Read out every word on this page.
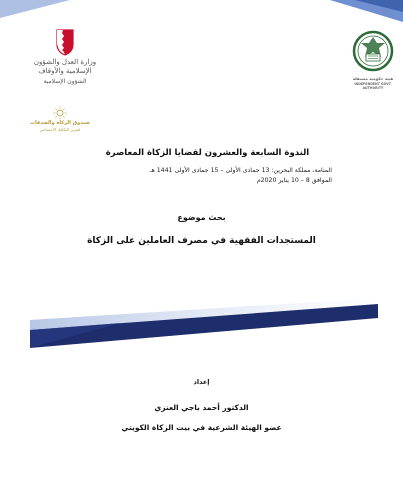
هيئة حكومية مستقلة
INDEPENDENT GOVT. AUTHORITY
وزارة العدل والشؤون الإسلامية والأوقاف
الشؤون الإسلامية
صندوق الزكاة والصدقات
لتعزيز التكافل الاجتماعي
الندوة السابعة والعشرون لقضايا الزكاة المعاصرة
المنامة، مملكة البحرين: 13 جمادى الأولى – 15 جمادى الأولى 1441 هـ
الموافق 8 – 10 يناير 2020م
بحث موضوع
المستجدات الفقهية في مصرف العاملين على الزكاة
إعداد
الدكتور أحمد باجي العنزي
عضو الهيئة الشرعية في بيت الزكاة الكويتي
